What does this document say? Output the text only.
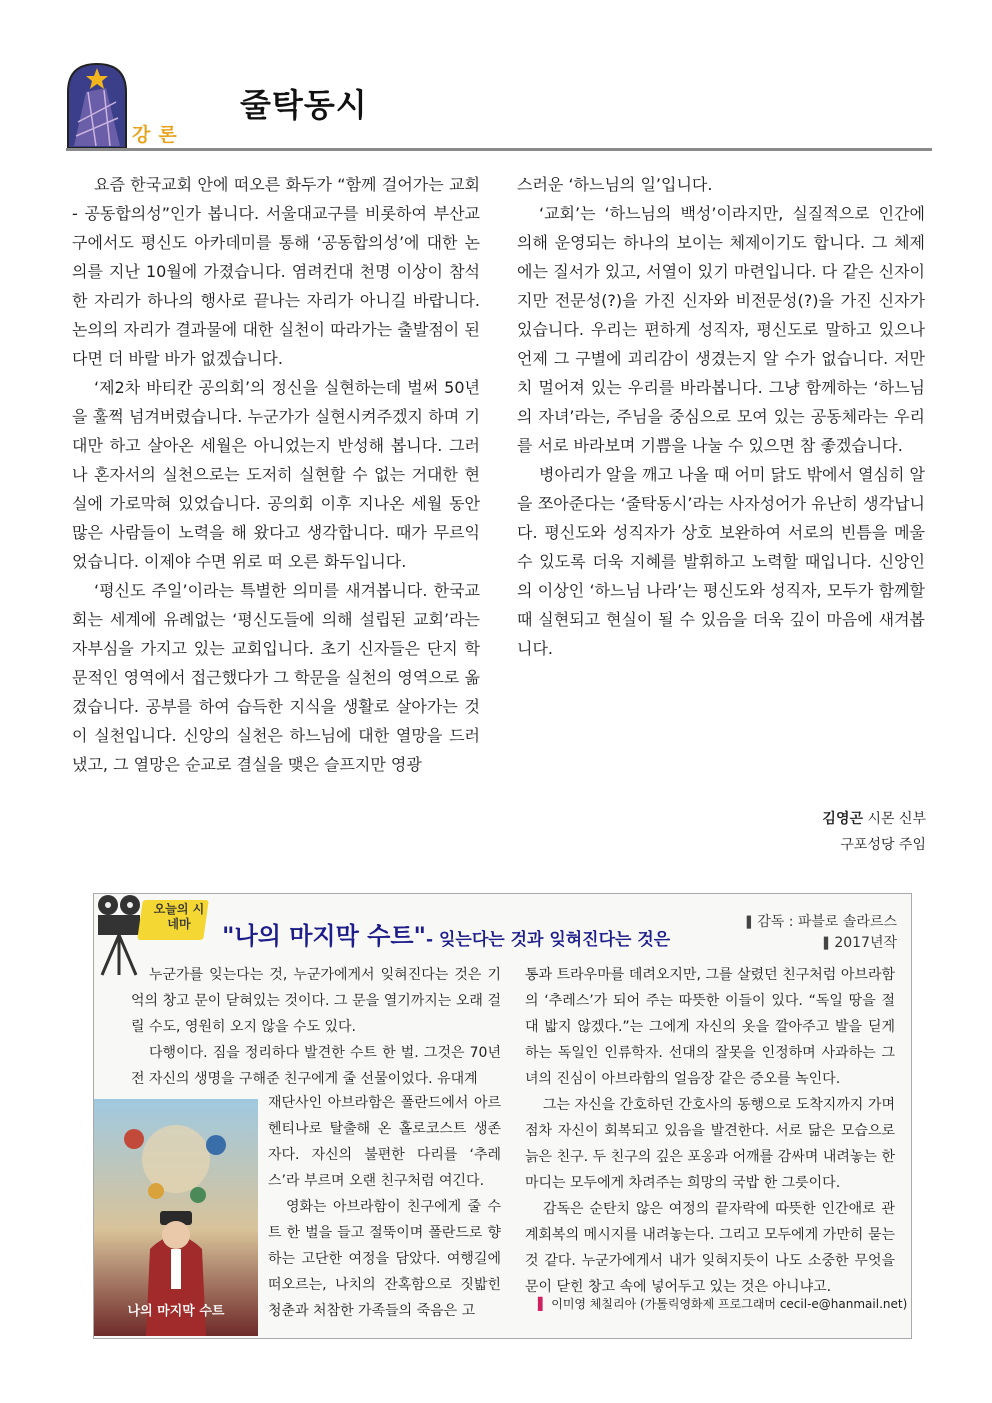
강론
줄탁동시

요즘 한국교회 안에 떠오른 화두가 “함께 걸어가는 교회 - 공동합의성”인가 봅니다. 서울대교구를 비롯하여 부산교구에서도 평신도 아카데미를 통해 ‘공동합의성’에 대한 논의를 지난 10월에 가졌습니다. 염려컨대 천명 이상이 참석한 자리가 하나의 행사로 끝나는 자리가 아니길 바랍니다. 논의의 자리가 결과물에 대한 실천이 따라가는 출발점이 된다면 더 바랄 바가 없겠습니다.

‘제2차 바티칸 공의회’의 정신을 실현하는데 벌써 50년을 훌쩍 넘겨버렸습니다. 누군가가 실현시켜주겠지 하며 기대만 하고 살아온 세월은 아니었는지 반성해 봅니다. 그러나 혼자서의 실천으로는 도저히 실현할 수 없는 거대한 현실에 가로막혀 있었습니다. 공의회 이후 지나온 세월 동안 많은 사람들이 노력을 해 왔다고 생각합니다. 때가 무르익었습니다. 이제야 수면 위로 떠 오른 화두입니다.

‘평신도 주일’이라는 특별한 의미를 새겨봅니다. 한국교회는 세계에 유례없는 ‘평신도들에 의해 설립된 교회’라는 자부심을 가지고 있는 교회입니다. 초기 신자들은 단지 학문적인 영역에서 접근했다가 그 학문을 실천의 영역으로 옮겼습니다. 공부를 하여 습득한 지식을 생활로 살아가는 것이 실천입니다. 신앙의 실천은 하느님에 대한 열망을 드러냈고, 그 열망은 순교로 결실을 맺은 슬프지만 영광

스러운 ‘하느님의 일’입니다.

‘교회’는 ‘하느님의 백성’이라지만, 실질적으로 인간에 의해 운영되는 하나의 보이는 체제이기도 합니다. 그 체제에는 질서가 있고, 서열이 있기 마련입니다. 다 같은 신자이지만 전문성(?)을 가진 신자와 비전문성(?)을 가진 신자가 있습니다. 우리는 편하게 성직자, 평신도로 말하고 있으나 언제 그 구별에 괴리감이 생겼는지 알 수가 없습니다. 저만치 멀어져 있는 우리를 바라봅니다. 그냥 함께하는 ‘하느님의 자녀’라는, 주님을 중심으로 모여 있는 공동체라는 우리를 서로 바라보며 기쁨을 나눌 수 있으면 참 좋겠습니다.

병아리가 알을 깨고 나올 때 어미 닭도 밖에서 열심히 알을 쪼아준다는 ‘줄탁동시’라는 사자성어가 유난히 생각납니다. 평신도와 성직자가 상호 보완하여 서로의 빈틈을 메울 수 있도록 더욱 지혜를 발휘하고 노력할 때입니다. 신앙인의 이상인 ‘하느님 나라’는 평신도와 성직자, 모두가 함께할 때 실현되고 현실이 될 수 있음을 더욱 깊이 마음에 새겨봅니다.

김영곤 시몬 신부
구포성당 주임
오늘의 시네마	"나의 마지막 수트" - 잊는다는 것과 잊혀진다는 것은
▌ 감독 : 파블로 솔라르스
▌ 2017년작

누군가를 잊는다는 것, 누군가에게서 잊혀진다는 것은 기억의 창고 문이 닫혀있는 것이다. 그 문을 열기까지는 오래 걸릴 수도, 영원히 오지 않을 수도 있다.

다행이다. 짐을 정리하다 발견한 수트 한 벌. 그것은 70년 전 자신의 생명을 구해준 친구에게 줄 선물이었다. 유대계

나의 마지막 수트

재단사인 아브라함은 폴란드에서 아르헨티나로 탈출해 온 홀로코스트 생존자다. 자신의 불편한 다리를 ‘추레스’라 부르며 오랜 친구처럼 여긴다.

영화는 아브라함이 친구에게 줄 수트 한 벌을 들고 절뚝이며 폴란드로 향하는 고단한 여정을 담았다. 여행길에 떠오르는, 나치의 잔혹함으로 짓밟힌 청춘과 처참한 가족들의 죽음은 고

통과 트라우마를 데려오지만, 그를 살렸던 친구처럼 아브라함의 ‘추레스’가 되어 주는 따뜻한 이들이 있다. “독일 땅을 절대 밟지 않겠다.”는 그에게 자신의 옷을 깔아주고 발을 딛게 하는 독일인 인류학자. 선대의 잘못을 인정하며 사과하는 그녀의 진심이 아브라함의 얼음장 같은 증오를 녹인다.

그는 자신을 간호하던 간호사의 동행으로 도착지까지 가며 점차 자신이 회복되고 있음을 발견한다. 서로 닮은 모습으로 늙은 친구. 두 친구의 깊은 포옹과 어깨를 감싸며 내려놓는 한 마디는 모두에게 차려주는 희망의 국밥 한 그릇이다.

감독은 순탄치 않은 여정의 끝자락에 따뜻한 인간애로 관계회복의 메시지를 내려놓는다. 그리고 모두에게 가만히 묻는 것 같다. 누군가에게서 내가 잊혀지듯이 나도 소중한 무엇을 문이 닫힌 창고 속에 넣어두고 있는 것은 아니냐고.

▌ 이미영 체칠리아 (가톨릭영화제 프로그래머 cecil-e@hanmail.net)
